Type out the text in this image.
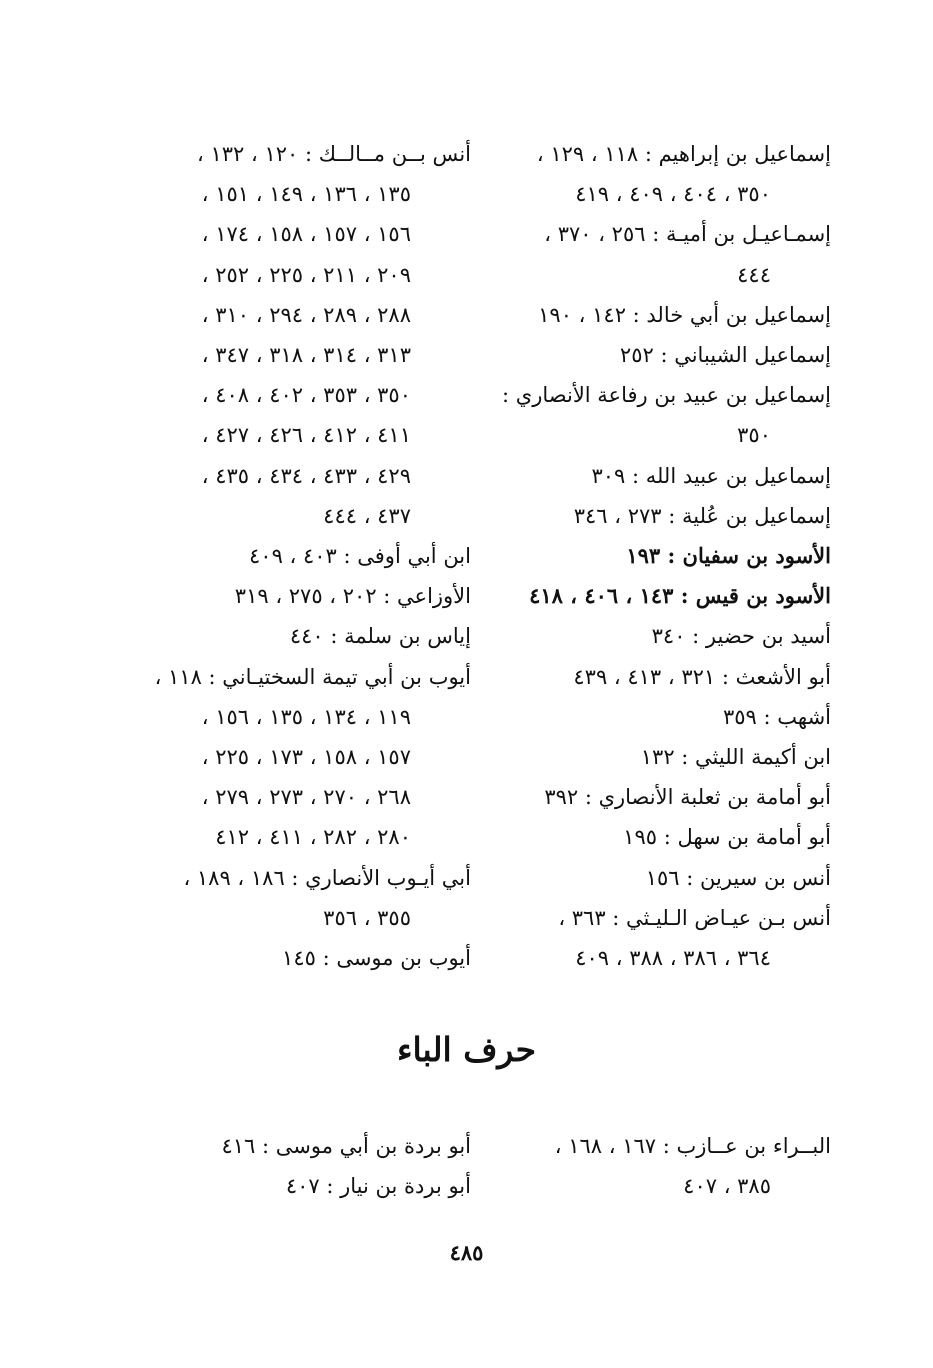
إسماعيل بن إبراهيم : ١١٨ ، ١٢٩ ،
٣٥٠ ، ٤٠٤ ، ٤٠٩ ، ٤١٩
إسمـاعيـل بن أميـة : ٢٥٦ ، ٣٧٠ ،
٤٤٤
إسماعيل بن أبي خالد : ١٤٢ ، ١٩٠
إسماعيل الشيباني : ٢٥٢
إسماعيل بن عبيد بن رفاعة الأنصاري :
٣٥٠
إسماعيل بن عبيد الله : ٣٠٩
إسماعيل بن عُلية : ٢٧٣ ، ٣٤٦
الأسود بن سفيان : ١٩٣
الأسود بن قيس : ١٤٣ ، ٤٠٦ ، ٤١٨
أسيد بن حضير : ٣٤٠
أبو الأشعث : ٣٢١ ، ٤١٣ ، ٤٣٩
أشهب : ٣٥٩
ابن أكيمة الليثي : ١٣٢
أبو أمامة بن ثعلبة الأنصاري : ٣٩٢
أبو أمامة بن سهل : ١٩٥
أنس بن سيرين : ١٥٦
أنس بـن عيـاض الـليـثي : ٣٦٣ ،
٣٦٤ ، ٣٨٦ ، ٣٨٨ ، ٤٠٩
أنس بــن مــالــك : ١٢٠ ، ١٣٢ ،
١٣٥ ، ١٣٦ ، ١٤٩ ، ١٥١ ،
١٥٦ ، ١٥٧ ، ١٥٨ ، ١٧٤ ،
٢٠٩ ، ٢١١ ، ٢٢٥ ، ٢٥٢ ،
٢٨٨ ، ٢٨٩ ، ٢٩٤ ، ٣١٠ ،
٣١٣ ، ٣١٤ ، ٣١٨ ، ٣٤٧ ،
٣٥٠ ، ٣٥٣ ، ٤٠٢ ، ٤٠٨ ،
٤١١ ، ٤١٢ ، ٤٢٦ ، ٤٢٧ ،
٤٢٩ ، ٤٣٣ ، ٤٣٤ ، ٤٣٥ ،
٤٣٧ ، ٤٤٤
ابن أبي أوفى : ٤٠٣ ، ٤٠٩
الأوزاعي : ٢٠٢ ، ٢٧٥ ، ٣١٩
إياس بن سلمة : ٤٤٠
أيوب بن أبي تيمة السختيـاني : ١١٨ ،
١١٩ ، ١٣٤ ، ١٣٥ ، ١٥٦ ،
١٥٧ ، ١٥٨ ، ١٧٣ ، ٢٢٥ ،
٢٦٨ ، ٢٧٠ ، ٢٧٣ ، ٢٧٩ ،
٢٨٠ ، ٢٨٢ ، ٤١١ ، ٤١٢
أبي أيـوب الأنصاري : ١٨٦ ، ١٨٩ ،
٣٥٥ ، ٣٥٦
أيوب بن موسى : ١٤٥
حرف الباء
البــراء بن عــازب : ١٦٧ ، ١٦٨ ،
٣٨٥ ، ٤٠٧
أبو بردة بن أبي موسى : ٤١٦
أبو بردة بن نيار : ٤٠٧
٤٨٥
